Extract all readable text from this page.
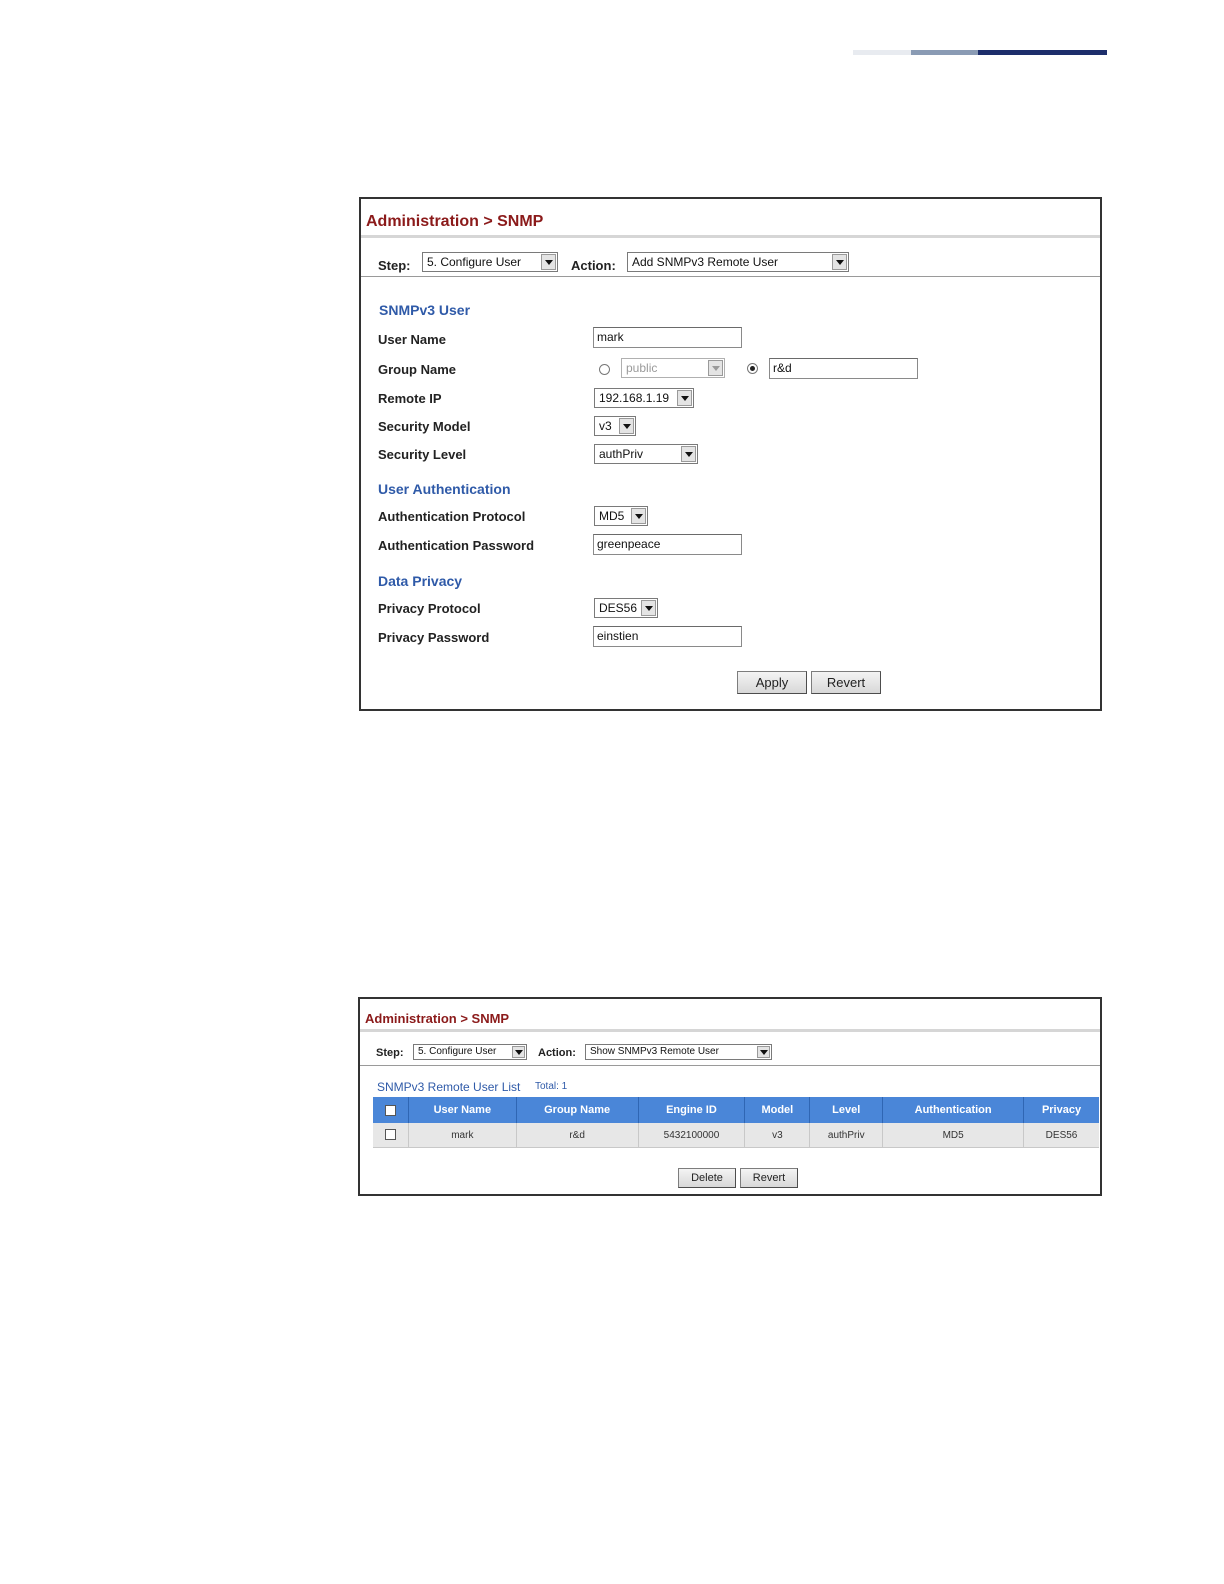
Administration > SNMP
Step:	5. Configure User	Action:	Add SNMPv3 Remote User
SNMPv3 User
User Name	mark
Group Name	public	r&d
Remote IP	192.168.1.19
Security Model	v3
Security Level	authPriv
User Authentication
Authentication Protocol	MD5
Authentication Password	greenpeace
Data Privacy
Privacy Protocol	DES56
Privacy Password	einstien
Apply	Revert
Administration > SNMP
Step:	5. Configure User	Action:	Show SNMPv3 Remote User
SNMPv3 Remote User List Total: 1
	User Name	Group Name	Engine ID	Model	Level	Authentication	Privacy
	mark	r&d	5432100000	v3	authPriv	MD5	DES56
Delete	Revert
